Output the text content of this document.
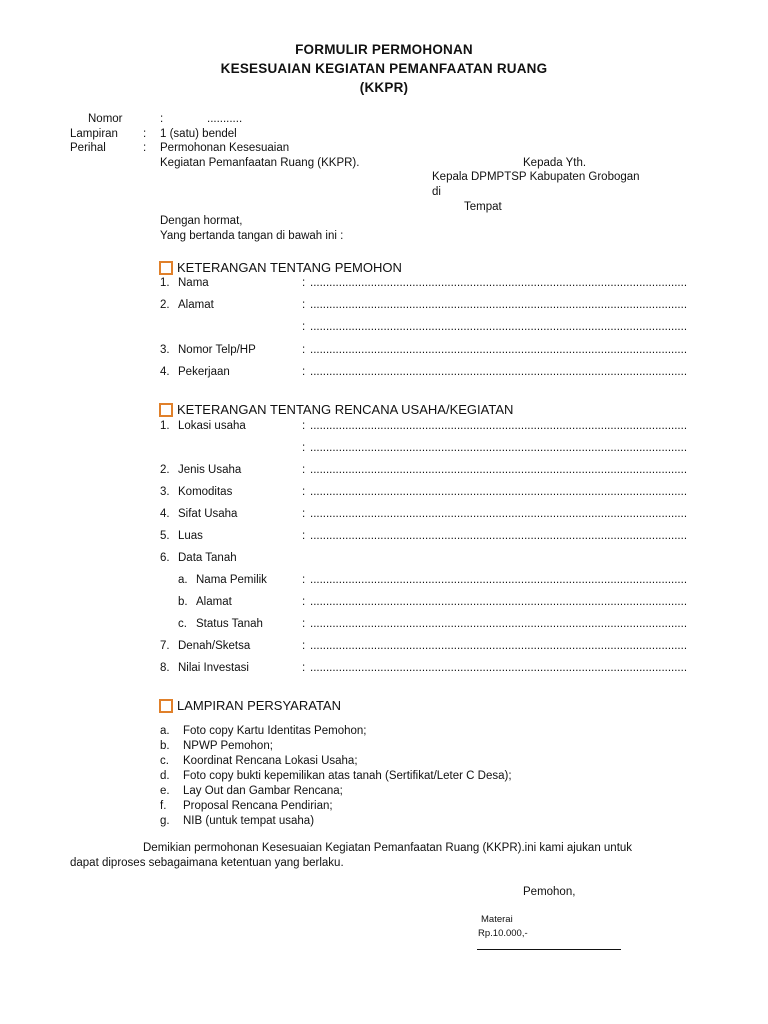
FORMULIR PERMOHONAN
KESESUAIAN KEGIATAN PEMANFAATAN RUANG
(KKPR)
Nomor	:	...........
Lampiran : 1 (satu) bendel
Perihal	: Permohonan Kesesuaian
Kegiatan Pemanfaatan Ruang (KKPR).	Kepada Yth.
Kepala DPMPTSP Kabupaten Grobogan
di
Tempat
Dengan hormat,
Yang bertanda tangan di bawah ini :
KETERANGAN TENTANG PEMOHON
1. Nama	:
.....
2. Alamat	:
.....
:
.....
3. Nomor Telp/HP	:
.....
4. Pekerjaan	:
.....
KETERANGAN TENTANG RENCANA USAHA/KEGIATAN
1. Lokasi usaha	:
.....
:
.....
2. Jenis Usaha	:
.....
3. Komoditas	:
.....
4. Sifat Usaha	:
.....
5. Luas	:
.....
6. Data Tanah
a. Nama Pemilik	:
.....
b. Alamat	:
.....
c. Status Tanah	:
.....
7. Denah/Sketsa	:
.....
8. Nilai Investasi	:
.....
LAMPIRAN PERSYARATAN
a. Foto copy Kartu Identitas Pemohon;
b. NPWP Pemohon;
c. Koordinat Rencana Lokasi Usaha;
d. Foto copy bukti kepemilikan atas tanah (Sertifikat/Leter C Desa);
e. Lay Out dan Gambar Rencana;
f. Proposal Rencana Pendirian;
g. NIB (untuk tempat usaha)
Demikian permohonan Kesesuaian Kegiatan Pemanfaatan Ruang (KKPR).ini kami ajukan untuk
dapat diproses sebagaimana ketentuan yang berlaku.
Pemohon,
Materai
Rp.10.000,-
